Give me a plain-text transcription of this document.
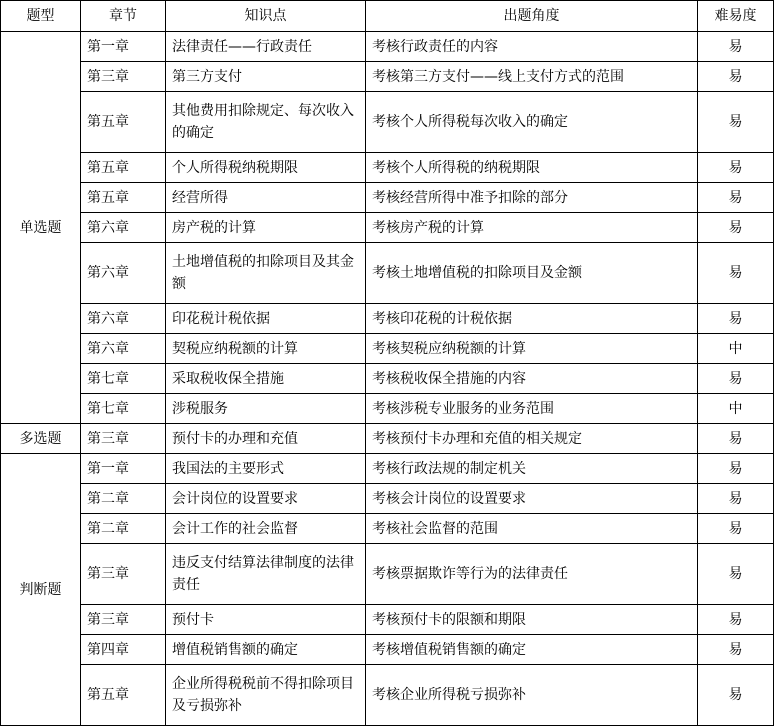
题型	章节	知识点	出题角度	难易度
单选题	第一章	法律责任——行政责任	考核行政责任的内容	易
	第三章	第三方支付	考核第三方支付——线上支付方式的范围	易
	第五章	其他费用扣除规定、每次收入的确定	考核个人所得税每次收入的确定	易
	第五章	个人所得税纳税期限	考核个人所得税的纳税期限	易
	第五章	经营所得	考核经营所得中准予扣除的部分	易
	第六章	房产税的计算	考核房产税的计算	易
	第六章	土地增值税的扣除项目及其金额	考核土地增值税的扣除项目及金额	易
	第六章	印花税计税依据	考核印花税的计税依据	易
	第六章	契税应纳税额的计算	考核契税应纳税额的计算	中
	第七章	采取税收保全措施	考核税收保全措施的内容	易
	第七章	涉税服务	考核涉税专业服务的业务范围	中
多选题	第三章	预付卡的办理和充值	考核预付卡办理和充值的相关规定	易
判断题	第一章	我国法的主要形式	考核行政法规的制定机关	易
	第二章	会计岗位的设置要求	考核会计岗位的设置要求	易
	第二章	会计工作的社会监督	考核社会监督的范围	易
	第三章	违反支付结算法律制度的法律责任	考核票据欺诈等行为的法律责任	易
	第三章	预付卡	考核预付卡的限额和期限	易
	第四章	增值税销售额的确定	考核增值税销售额的确定	易
	第五章	企业所得税税前不得扣除项目及亏损弥补	考核企业所得税亏损弥补	易
